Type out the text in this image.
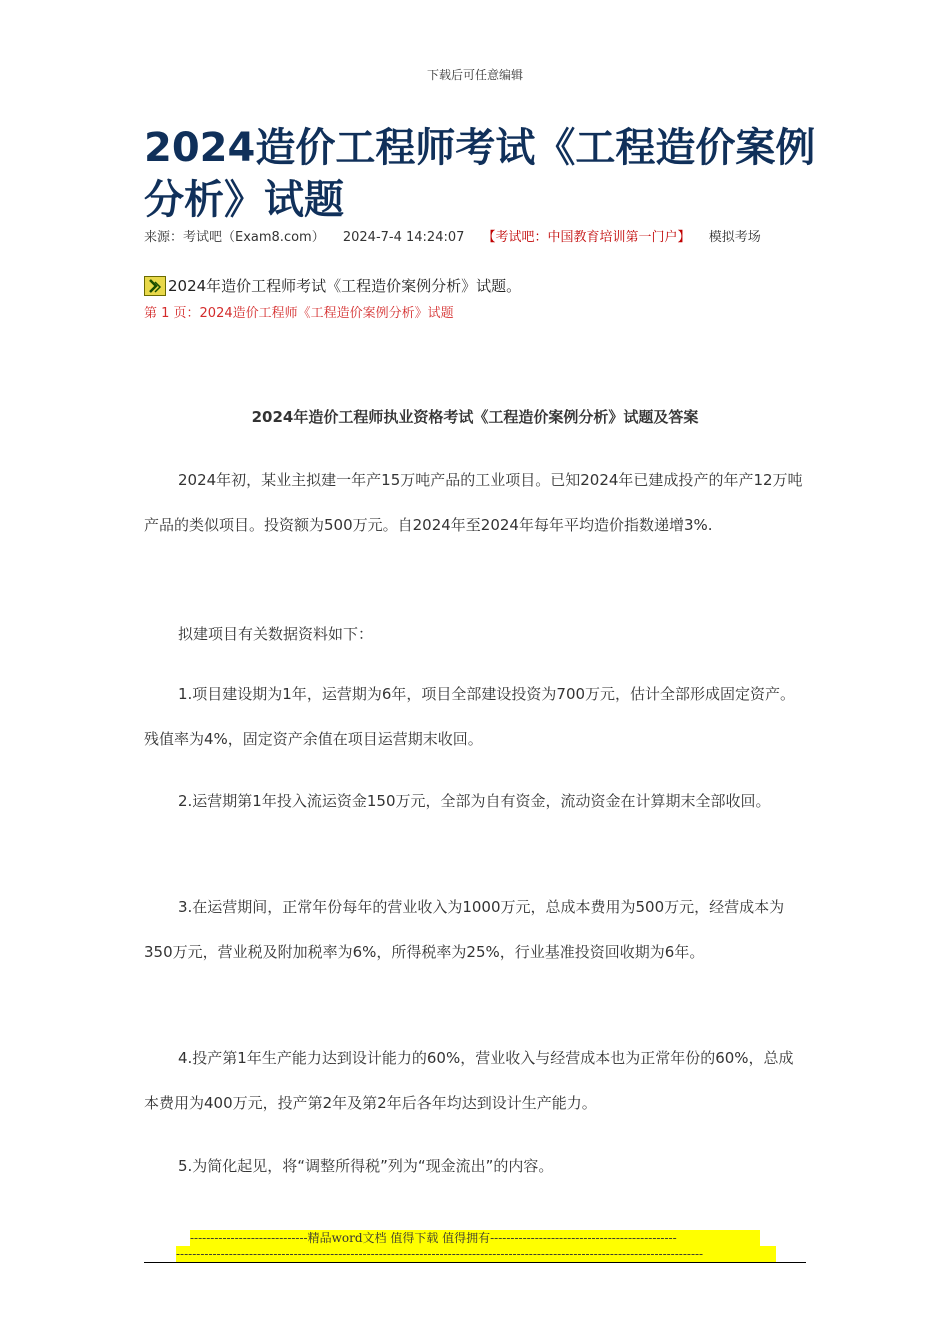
下载后可任意编辑
2024造价工程师考试《工程造价案例分析》试题
来源：考试吧（Exam8.com） 2024-7-4 14:24:07 【考试吧：中国教育培训第一门户】 模拟考场
2024年造价工程师考试《工程造价案例分析》试题。
第 1 页：2024造价工程师《工程造价案例分析》试题
2024年造价工程师执业资格考试《工程造价案例分析》试题及答案

2024年初，某业主拟建一年产15万吨产品的工业项目。已知2024年已建成投产的年产12万吨产品的类似项目。投资额为500万元。自2024年至2024年每年平均造价指数递增3%.

拟建项目有关数据资料如下：

1.项目建设期为1年，运营期为6年，项目全部建设投资为700万元，估计全部形成固定资产。残值率为4%，固定资产余值在项目运营期末收回。

2.运营期第1年投入流运资金150万元，全部为自有资金，流动资金在计算期末全部收回。

3.在运营期间，正常年份每年的营业收入为1000万元，总成本费用为500万元，经营成本为350万元，营业税及附加税率为6%，所得税率为25%，行业基准投资回收期为6年。

4.投产第1年生产能力达到设计能力的60%，营业收入与经营成本也为正常年份的60%，总成本费用为400万元，投产第2年及第2年后各年均达到设计生产能力。

5.为简化起见，将“调整所得税”列为“现金流出”的内容。

-----------------------------精品word文档 值得下载 值得拥有----------------------------------------------
----------------------------------------------------------------------------------------------------------------------------------
